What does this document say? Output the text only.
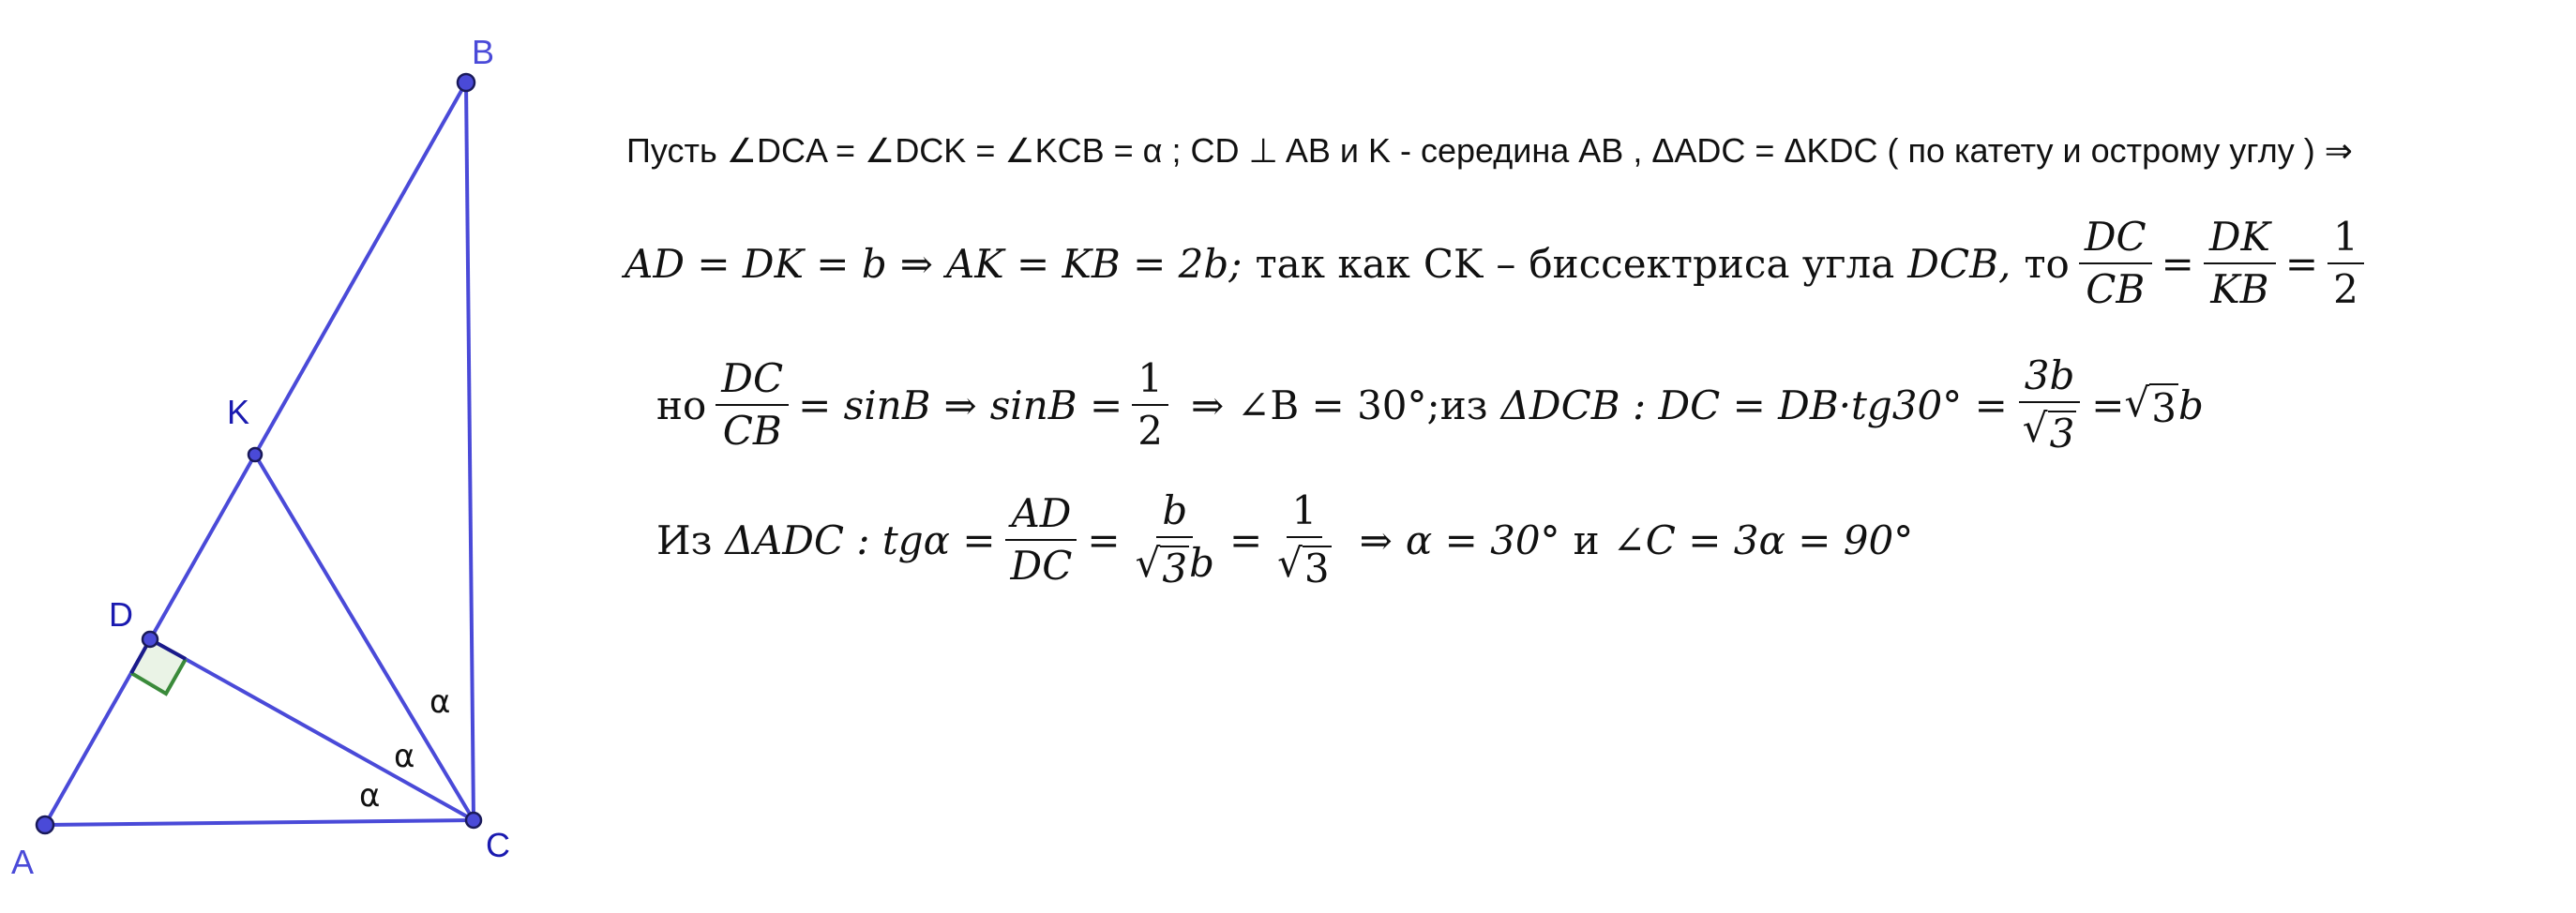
A
B
C
D
K
α
α
α
Пусть ∠DCA = ∠DCK = ∠KCB = α ; CD ⊥ AB и K - середина AB , ΔADC = ΔKDC ( по катету и острому углу ) ⇒
AD = DK = b ⇒ AK = KB = 2b; так как CK – биссектриса угла DCB, то $\frac{DC}{CB} = \frac{DK}{KB} = \frac{1}{2}$
но $\frac{DC}{CB} = \sin B$ ⇒ $\sin B = \frac{1}{2}$ ⇒ ∠B = 30°; из ΔDCB : DC = $DB\cdot tg30^\circ = \frac{3b}{√ 3}$ = √ 3 b
Из ΔADC : $tg\alpha = \frac{AD}{DC} = \frac{b}{√ 3 b} = \frac{1}{√ 3}$ ⇒ α = 30° и ∠C = 3α = 90°
